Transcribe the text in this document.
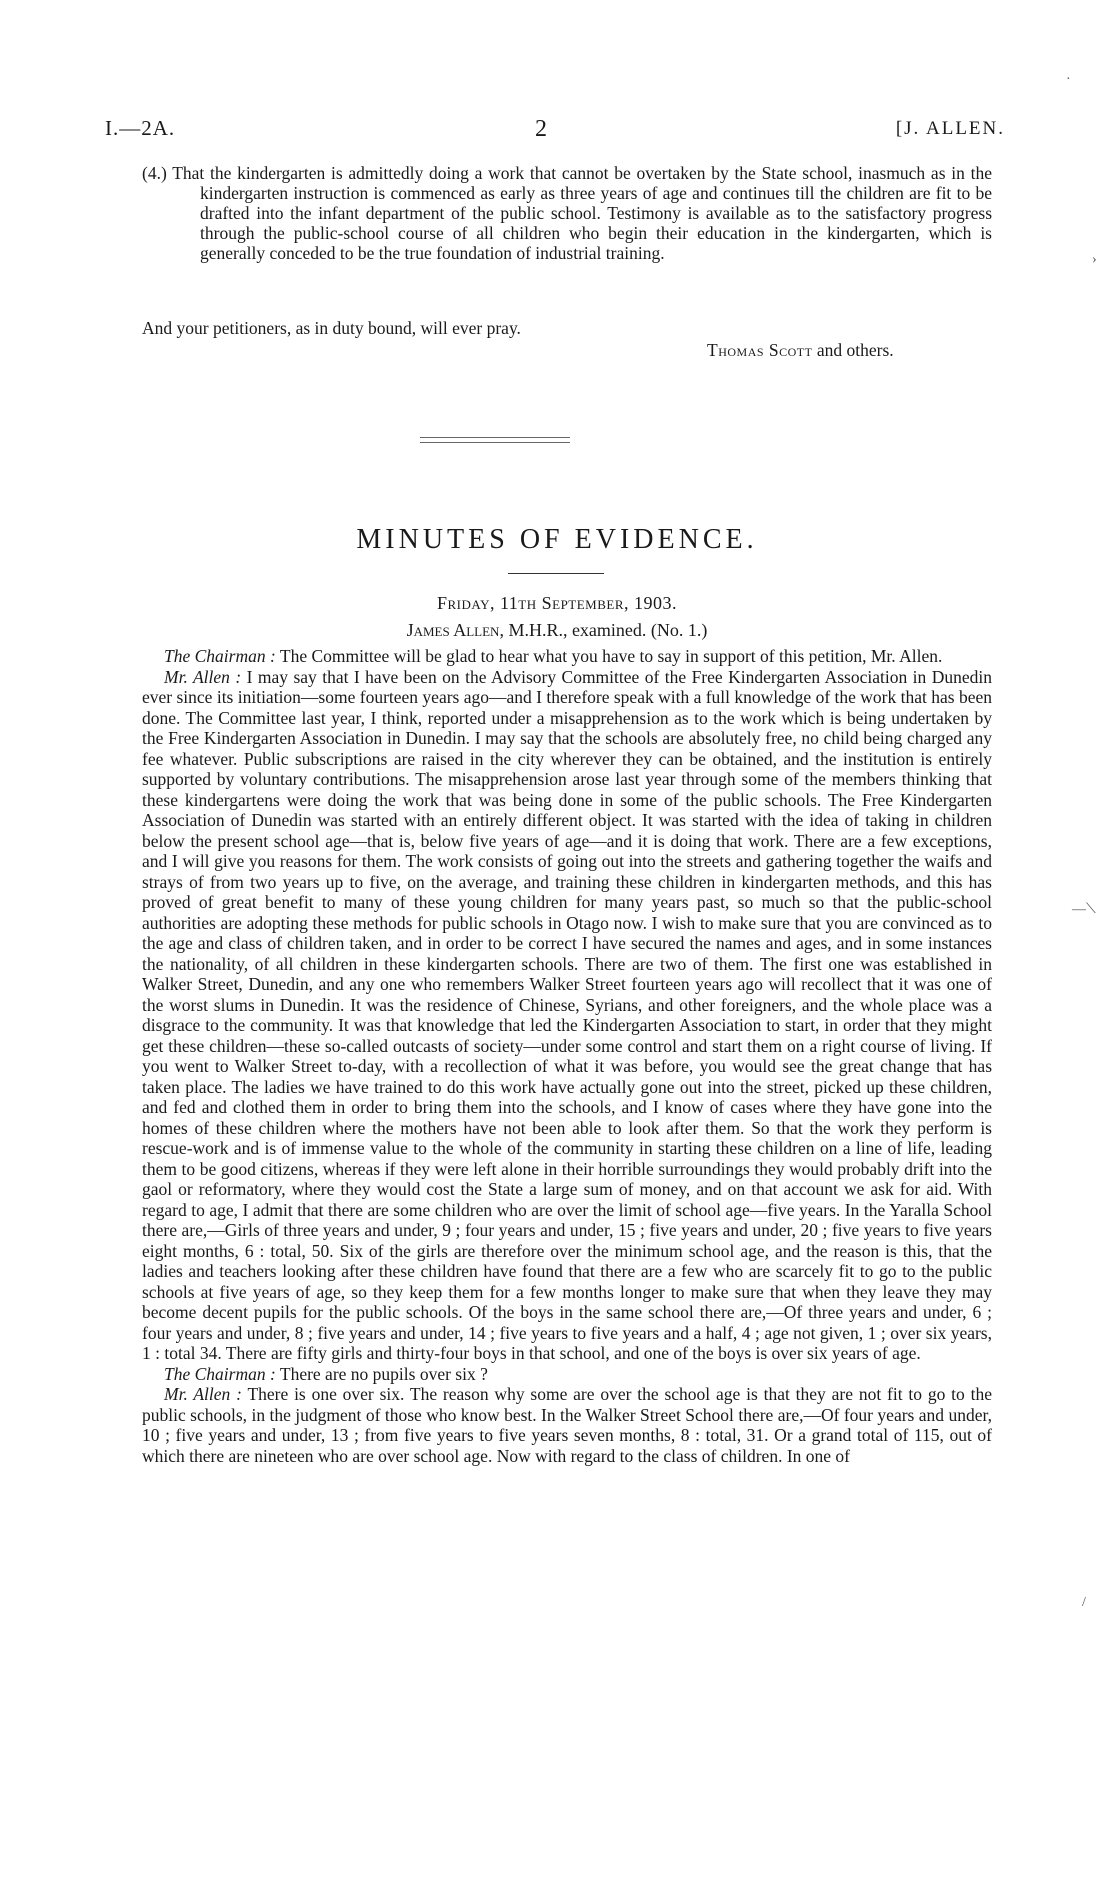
I.—2A.	2	[J. ALLEN.
(4.) That the kindergarten is admittedly doing a work that cannot be overtaken by the State school, inasmuch as in the kindergarten instruction is commenced as early as three years of age and continues till the children are fit to be drafted into the infant department of the public school. Testimony is available as to the satisfactory progress through the public-school course of all children who begin their education in the kindergarten, which is generally conceded to be the true foundation of industrial training.
And your petitioners, as in duty bound, will ever pray.
Thomas Scott and others.
MINUTES OF EVIDENCE.
Friday, 11th September, 1903.
James Allen, M.H.R., examined. (No. 1.)

The Chairman : The Committee will be glad to hear what you have to say in support of this petition, Mr. Allen.

Mr. Allen : I may say that I have been on the Advisory Committee of the Free Kindergarten Association in Dunedin ever since its initiation—some fourteen years ago—and I therefore speak with a full knowledge of the work that has been done. The Committee last year, I think, reported under a misapprehension as to the work which is being undertaken by the Free Kindergarten Association in Dunedin. I may say that the schools are absolutely free, no child being charged any fee whatever. Public subscriptions are raised in the city wherever they can be obtained, and the institution is entirely supported by voluntary contributions. The misapprehension arose last year through some of the members thinking that these kindergartens were doing the work that was being done in some of the public schools. The Free Kindergarten Association of Dunedin was started with an entirely different object. It was started with the idea of taking in children below the present school age—that is, below five years of age—and it is doing that work. There are a few exceptions, and I will give you reasons for them. The work consists of going out into the streets and gathering together the waifs and strays of from two years up to five, on the average, and training these children in kindergarten methods, and this has proved of great benefit to many of these young children for many years past, so much so that the public-school authorities are adopting these methods for public schools in Otago now. I wish to make sure that you are convinced as to the age and class of children taken, and in order to be correct I have secured the names and ages, and in some instances the nationality, of all children in these kindergarten schools. There are two of them. The first one was established in Walker Street, Dunedin, and any one who remembers Walker Street fourteen years ago will recollect that it was one of the worst slums in Dunedin. It was the residence of Chinese, Syrians, and other foreigners, and the whole place was a disgrace to the community. It was that knowledge that led the Kindergarten Association to start, in order that they might get these children—these so-called outcasts of society—under some control and start them on a right course of living. If you went to Walker Street to-day, with a recollection of what it was before, you would see the great change that has taken place. The ladies we have trained to do this work have actually gone out into the street, picked up these children, and fed and clothed them in order to bring them into the schools, and I know of cases where they have gone into the homes of these children where the mothers have not been able to look after them. So that the work they perform is rescue-work and is of immense value to the whole of the community in starting these children on a line of life, leading them to be good citizens, whereas if they were left alone in their horrible surroundings they would probably drift into the gaol or reformatory, where they would cost the State a large sum of money, and on that account we ask for aid. With regard to age, I admit that there are some children who are over the limit of school age—five years. In the Yaralla School there are,—Girls of three years and under, 9 ; four years and under, 15 ; five years and under, 20 ; five years to five years eight months, 6 : total, 50. Six of the girls are therefore over the minimum school age, and the reason is this, that the ladies and teachers looking after these children have found that there are a few who are scarcely fit to go to the public schools at five years of age, so they keep them for a few months longer to make sure that when they leave they may become decent pupils for the public schools. Of the boys in the same school there are,—Of three years and under, 6 ; four years and under, 8 ; five years and under, 14 ; five years to five years and a half, 4 ; age not given, 1 ; over six years, 1 : total 34. There are fifty girls and thirty-four boys in that school, and one of the boys is over six years of age.

The Chairman : There are no pupils over six ?

Mr. Allen : There is one over six. The reason why some are over the school age is that they are not fit to go to the public schools, in the judgment of those who know best. In the Walker Street School there are,—Of four years and under, 10 ; five years and under, 13 ; from five years to five years seven months, 8 : total, 31. Or a grand total of 115, out of which there are nineteen who are over school age. Now with regard to the class of children. In one of

·
›
—⟍
/
